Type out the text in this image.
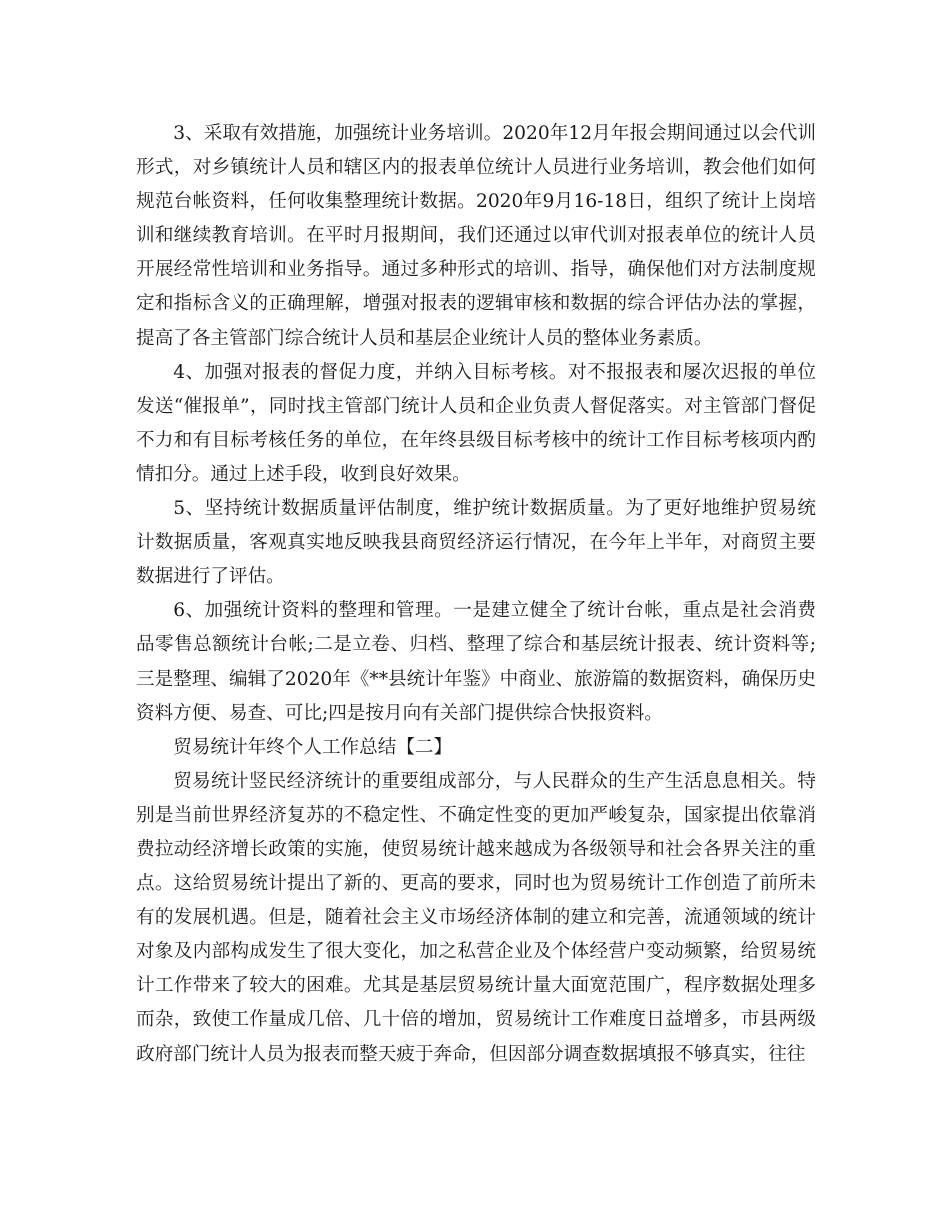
3、采取有效措施，加强统计业务培训。2020年12月年报会期间通过以会代训形式，对乡镇统计人员和辖区内的报表单位统计人员进行业务培训，教会他们如何规范台帐资料，任何收集整理统计数据。2020年9月16-18日，组织了统计上岗培训和继续教育培训。在平时月报期间，我们还通过以审代训对报表单位的统计人员开展经常性培训和业务指导。通过多种形式的培训、指导，确保他们对方法制度规定和指标含义的正确理解，增强对报表的逻辑审核和数据的综合评估办法的掌握，提高了各主管部门综合统计人员和基层企业统计人员的整体业务素质。

4、加强对报表的督促力度，并纳入目标考核。对不报报表和屡次迟报的单位发送“催报单”，同时找主管部门统计人员和企业负责人督促落实。对主管部门督促不力和有目标考核任务的单位，在年终县级目标考核中的统计工作目标考核项内酌情扣分。通过上述手段，收到良好效果。

5、坚持统计数据质量评估制度，维护统计数据质量。为了更好地维护贸易统计数据质量，客观真实地反映我县商贸经济运行情况，在今年上半年，对商贸主要数据进行了评估。

6、加强统计资料的整理和管理。一是建立健全了统计台帐，重点是社会消费品零售总额统计台帐;二是立卷、归档、整理了综合和基层统计报表、统计资料等;三是整理、编辑了2020年《**县统计年鉴》中商业、旅游篇的数据资料，确保历史资料方便、易查、可比;四是按月向有关部门提供综合快报资料。

贸易统计年终个人工作总结【二】

贸易统计竖民经济统计的重要组成部分，与人民群众的生产生活息息相关。特别是当前世界经济复苏的不稳定性、不确定性变的更加严峻复杂，国家提出依靠消费拉动经济增长政策的实施，使贸易统计越来越成为各级领导和社会各界关注的重点。这给贸易统计提出了新的、更高的要求，同时也为贸易统计工作创造了前所未有的发展机遇。但是，随着社会主义市场经济体制的建立和完善，流通领域的统计对象及内部构成发生了很大变化，加之私营企业及个体经营户变动频繁，给贸易统计工作带来了较大的困难。尤其是基层贸易统计量大面宽范围广，程序数据处理多而杂，致使工作量成几倍、几十倍的增加，贸易统计工作难度日益增多，市县两级政府部门统计人员为报表而整天疲于奔命，但因部分调查数据填报不够真实，往往
